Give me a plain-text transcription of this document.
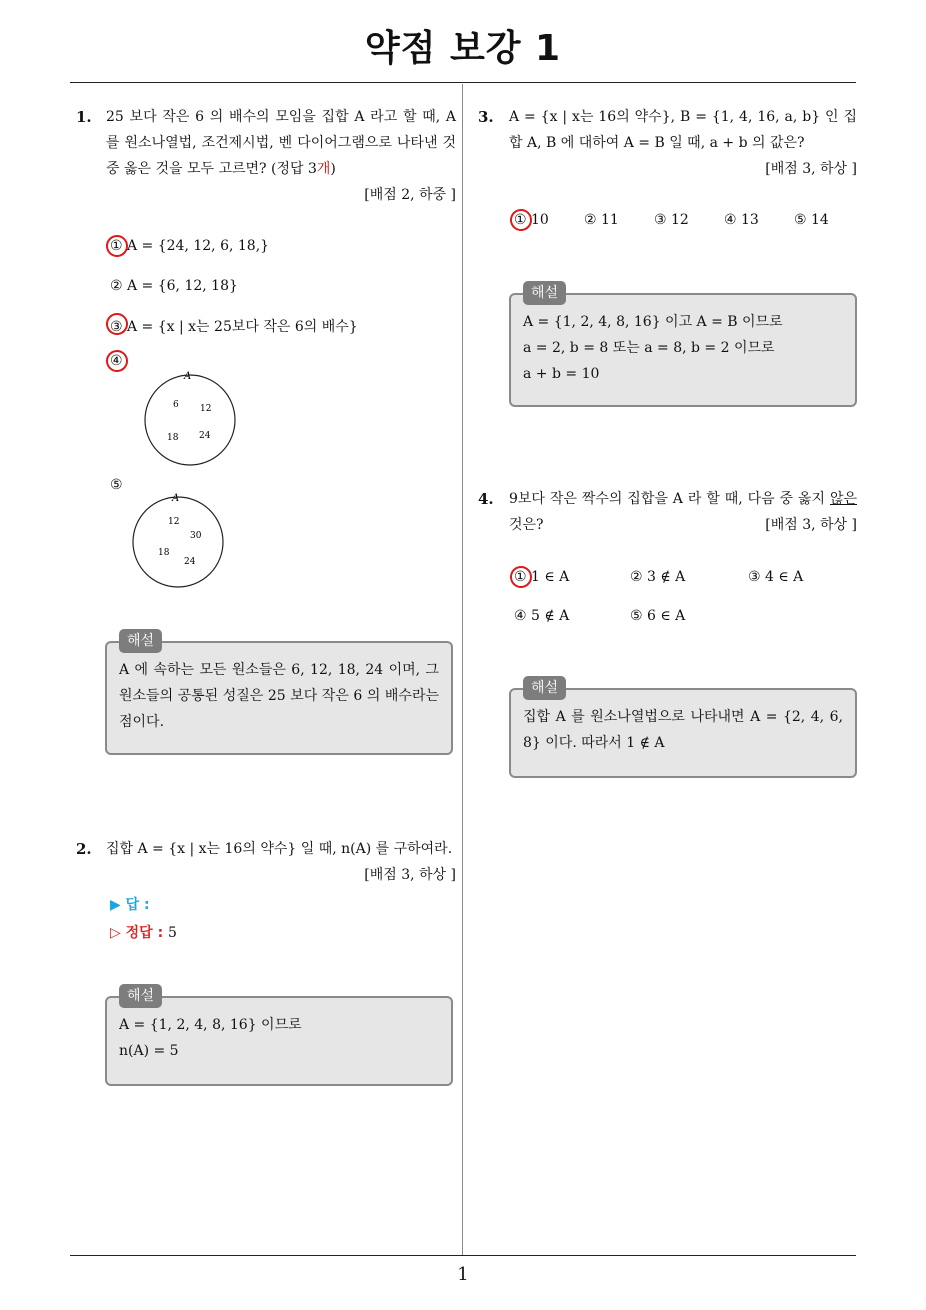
약점 보강 1
1
1. 25 보다 작은 6 의 배수의 모임을 집합 A 라고 할 때, A 를 원소나열법, 조건제시법, 벤 다이어그램으로 나타낸 것 중 옳은 것을 모두 고르면? (정답 3개)
[배점 2, 하중 ]
① A = {24, 12, 6, 18,}
② A = {6, 12, 18}
③ A = {x | x는 25보다 작은 6의 배수}
④
A
6 12
18 24
⑤
A
12
30
18
24
해설
A 에 속하는 모든 원소들은 6, 12, 18, 24 이며, 그 원소들의 공통된 성질은 25 보다 작은 6 의 배수라는 점이다.
2. 집합 A = {x | x는 16의 약수} 일 때, n(A) 를 구하여라.
[배점 3, 하상 ]
▶ 답 :
▷ 정답 : 5
해설
A = {1, 2, 4, 8, 16} 이므로
n(A) = 5
3. A = {x | x는 16의 약수}, B = {1, 4, 16, a, b} 인 집합 A, B 에 대하여 A = B 일 때, a + b 의 값은?
[배점 3, 하상 ]
① 10	② 11	③ 12	④ 13	⑤ 14
해설
A = {1, 2, 4, 8, 16} 이고 A = B 이므로
a = 2, b = 8 또는 a = 8, b = 2 이므로
a + b = 10
4. 9보다 작은 짝수의 집합을 A 라 할 때, 다음 중 옳지 않은 것은?	[배점 3, 하상 ]
① 1 ∈ A	② 3 ∉ A	③ 4 ∈ A
④ 5 ∉ A	⑤ 6 ∈ A
해설
집합 A 를 원소나열법으로 나타내면 A = {2, 4, 6, 8} 이다. 따라서 1 ∉ A
